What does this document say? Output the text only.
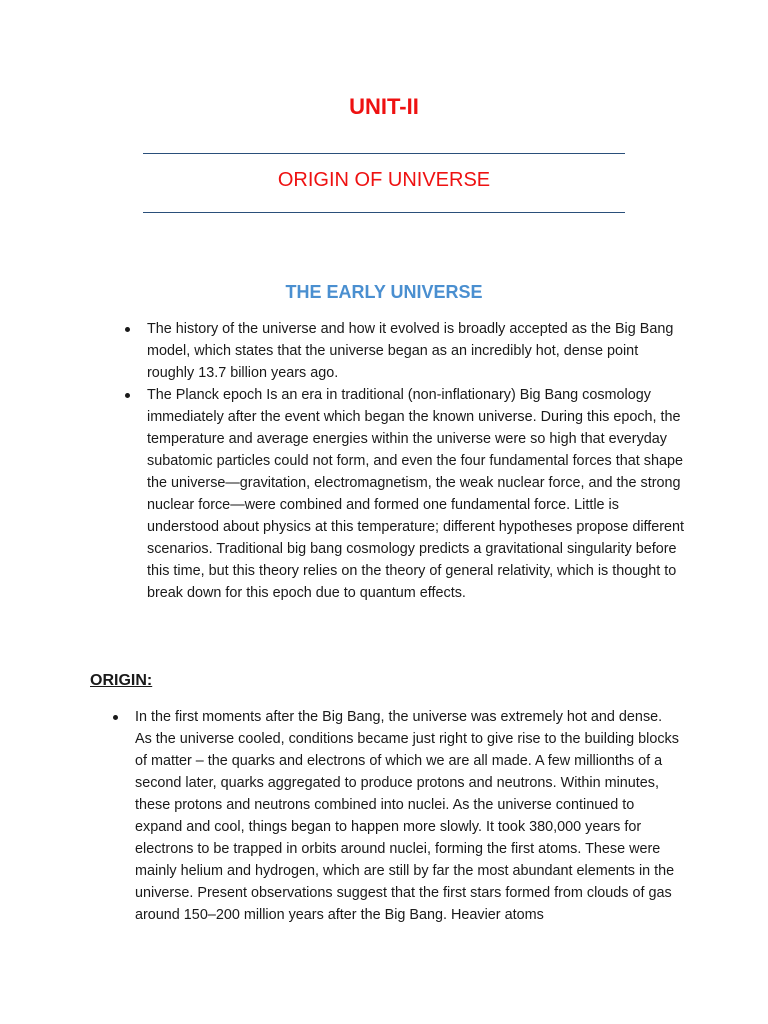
UNIT-II
ORIGIN OF UNIVERSE
THE EARLY UNIVERSE
The history of the universe and how it evolved is broadly accepted as the Big Bang model, which states that the universe began as an incredibly hot, dense point roughly 13.7 billion years ago.
The Planck epoch Is an era in traditional (non-inflationary) Big Bang cosmology immediately after the event which began the known universe. During this epoch, the temperature and average energies within the universe were so high that everyday subatomic particles could not form, and even the four fundamental forces that shape the universe—gravitation, electromagnetism, the weak nuclear force, and the strong nuclear force—were combined and formed one fundamental force. Little is understood about physics at this temperature; different hypotheses propose different scenarios. Traditional big bang cosmology predicts a gravitational singularity before this time, but this theory relies on the theory of general relativity, which is thought to break down for this epoch due to quantum effects.
ORIGIN:
In the first moments after the Big Bang, the universe was extremely hot and dense. As the universe cooled, conditions became just right to give rise to the building blocks of matter – the quarks and electrons of which we are all made. A few millionths of a second later, quarks aggregated to produce protons and neutrons. Within minutes, these protons and neutrons combined into nuclei. As the universe continued to expand and cool, things began to happen more slowly. It took 380,000 years for electrons to be trapped in orbits around nuclei, forming the first atoms. These were mainly helium and hydrogen, which are still by far the most abundant elements in the universe. Present observations suggest that the first stars formed from clouds of gas around 150–200 million years after the Big Bang. Heavier atoms
